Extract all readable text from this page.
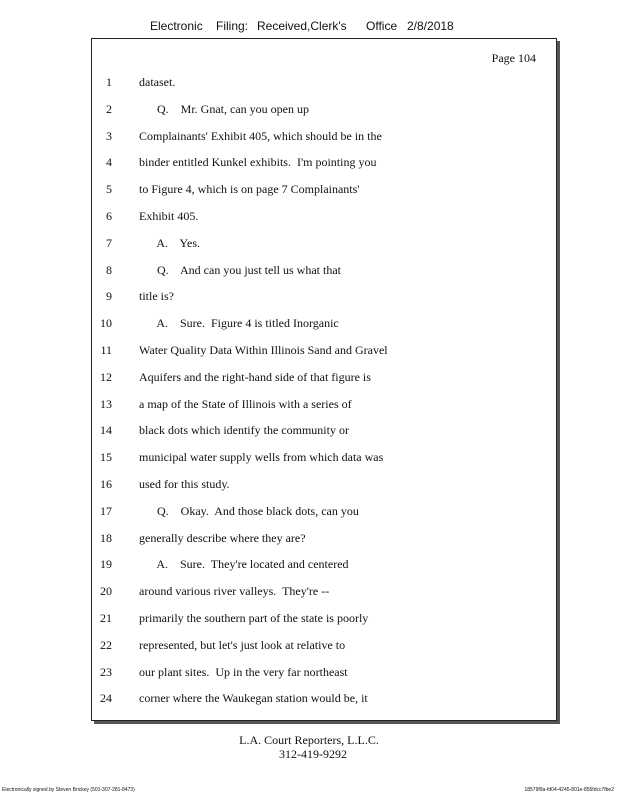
Electronic Filing: Received,Clerk's Office 2/8/2018
Page 104
1 dataset.
2 Q.    Mr. Gnat, can you open up
3 Complainants' Exhibit 405, which should be in the
4 binder entitled Kunkel exhibits.  I'm pointing you
5 to Figure 4, which is on page 7 Complainants'
6 Exhibit 405.
7 A.    Yes.
8 Q.    And can you just tell us what that
9 title is?
10 A.    Sure.  Figure 4 is titled Inorganic
11 Water Quality Data Within Illinois Sand and Gravel
12 Aquifers and the right-hand side of that figure is
13 a map of the State of Illinois with a series of
14 black dots which identify the community or
15 municipal water supply wells from which data was
16 used for this study.
17 Q.    Okay.  And those black dots, can you
18 generally describe where they are?
19 A.    Sure.  They're located and centered
20 around various river valleys.  They're --
21 primarily the southern part of the state is poorly
22 represented, but let's just look at relative to
23 our plant sites.  Up in the very far northeast
24 corner where the Waukegan station would be, it
L.A. Court Reporters, L.L.C.
312-419-9292
Electronically signed by Steven Brickey (501-307-281-8473)	18579f9a-fd04-4245-801e-856fdcc7fbe2
